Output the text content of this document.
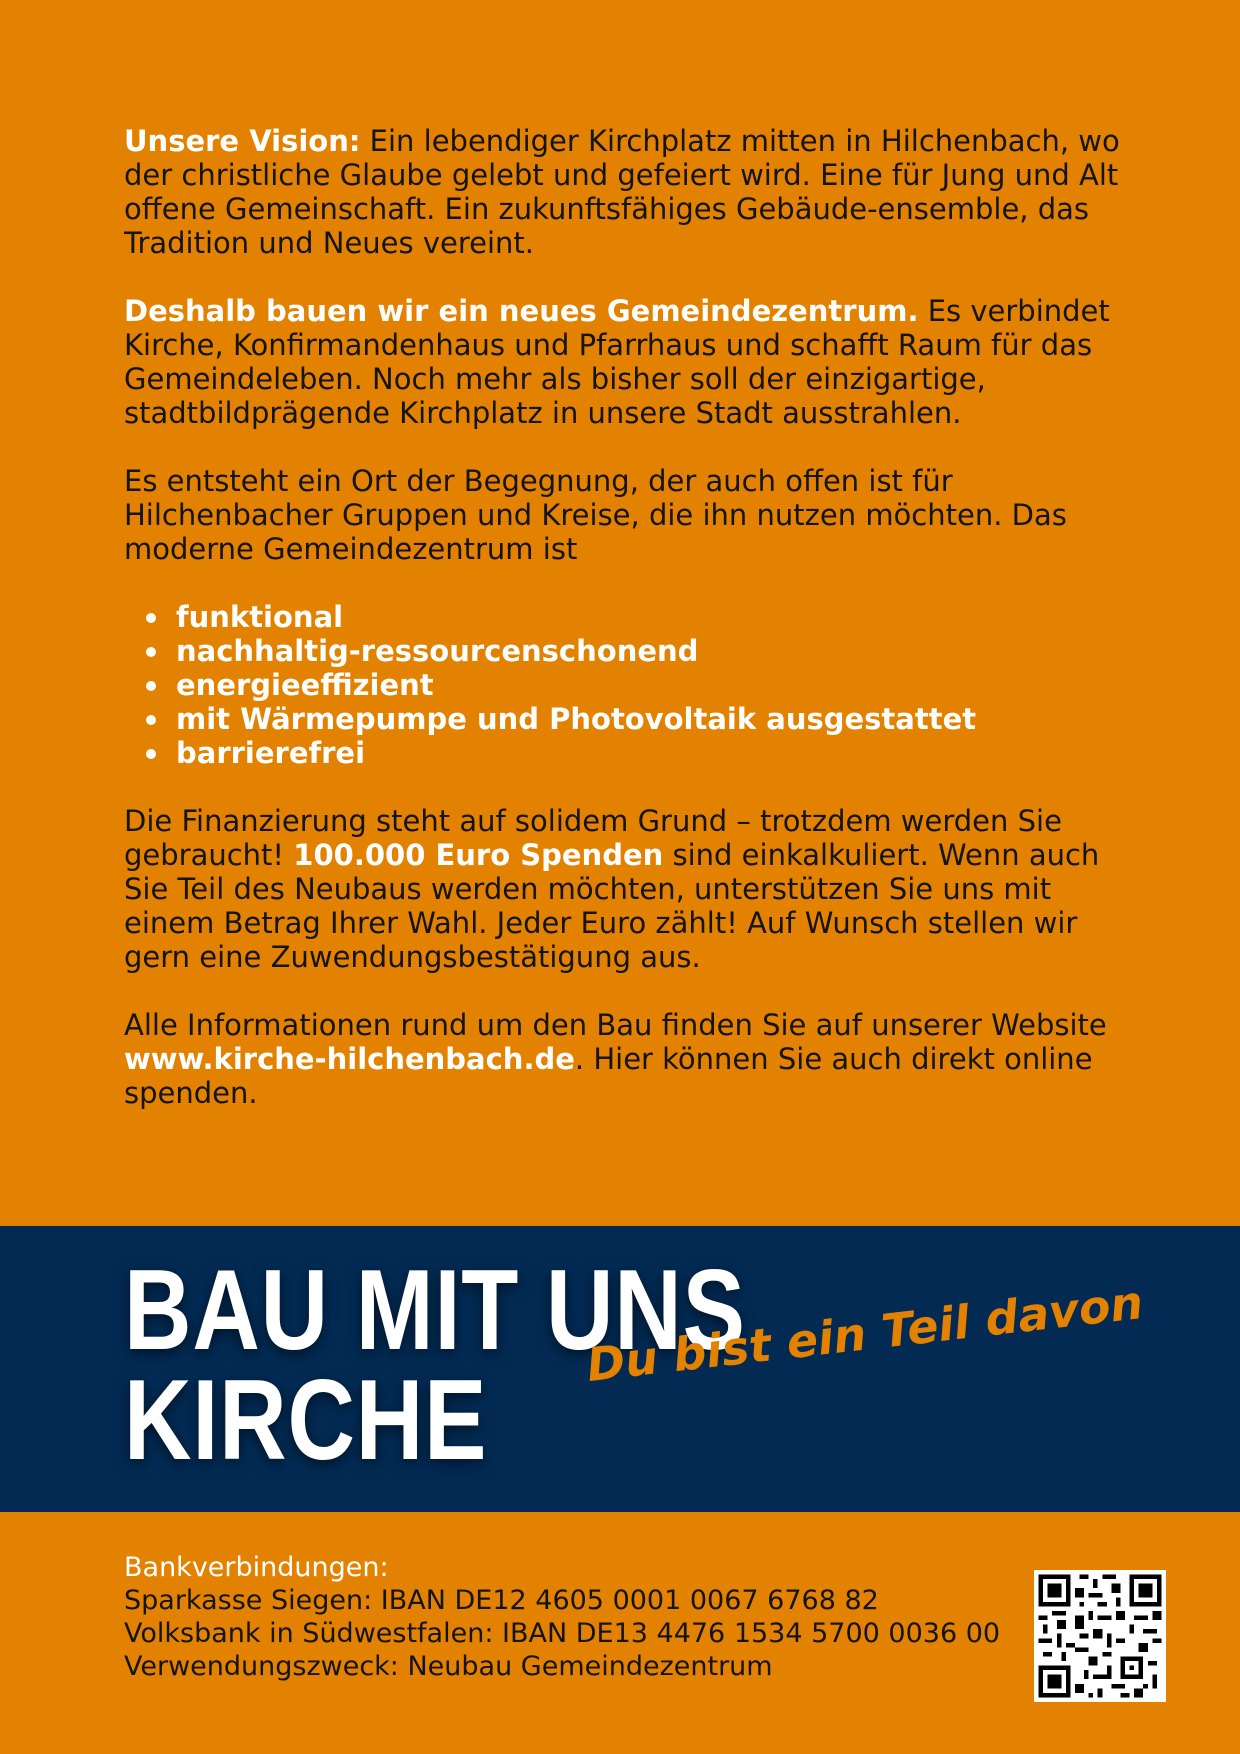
Unsere Vision: Ein lebendiger Kirchplatz mitten in Hilchenbach, wo der christliche Glaube gelebt und gefeiert wird. Eine für Jung und Alt offene Gemeinschaft. Ein zukunftsfähiges Gebäude-ensemble, das Tradition und Neues vereint.

Deshalb bauen wir ein neues Gemeindezentrum. Es verbindet Kirche, Konfirmandenhaus und Pfarrhaus und schafft Raum für das Gemeindeleben. Noch mehr als bisher soll der einzigartige, stadtbildprägende Kirchplatz in unsere Stadt ausstrahlen.

Es entsteht ein Ort der Begegnung, der auch offen ist für Hilchenbacher Gruppen und Kreise, die ihn nutzen möchten. Das moderne Gemeindezentrum ist

funktional
nachhaltig-ressourcenschonend
energieeffizient
mit Wärmepumpe und Photovoltaik ausgestattet
barrierefrei

Die Finanzierung steht auf solidem Grund – trotzdem werden Sie gebraucht! 100.000 Euro Spenden sind einkalkuliert. Wenn auch Sie Teil des Neubaus werden möchten, unterstützen Sie uns mit einem Betrag Ihrer Wahl. Jeder Euro zählt! Auf Wunsch stellen wir gern eine Zuwendungsbestätigung aus.

Alle Informationen rund um den Bau finden Sie auf unserer Website www.kirche-hilchenbach.de. Hier können Sie auch direkt online spenden.

BAU MIT UNS
KIRCHE
Du bist ein Teil davon
Bankverbindungen:
Sparkasse Siegen: IBAN DE12 4605 0001 0067 6768 82
Volksbank in Südwestfalen: IBAN DE13 4476 1534 5700 0036 00
Verwendungszweck: Neubau Gemeindezentrum
